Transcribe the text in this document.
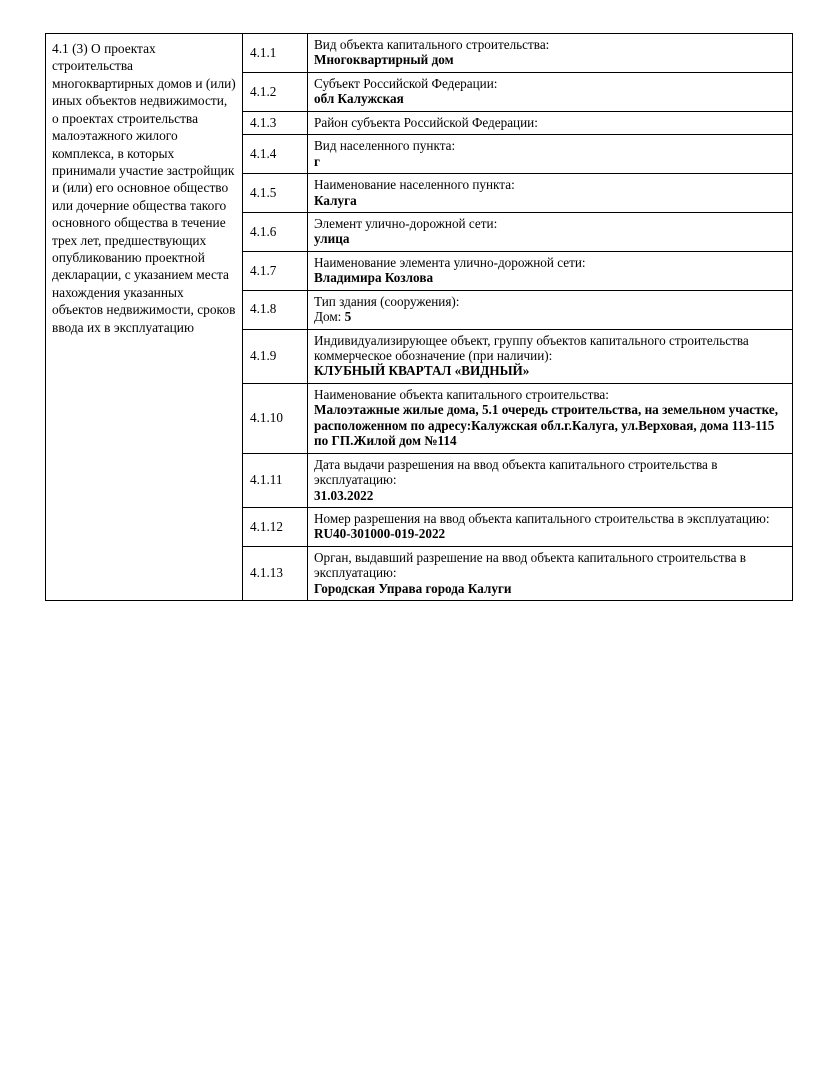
4.1 (3) О проектах строительства многоквартирных домов и (или) иных объектов недвижимости, о проектах строительства малоэтажного жилого комплекса, в которых принимали участие застройщик и (или) его основное общество или дочерние общества такого основного общества в течение трех лет, предшествующих опубликованию проектной декларации, с указанием места нахождения указанных объектов недвижимости, сроков ввода их в эксплуатацию	4.1.1	Вид объекта капитального строительства:
Многоквартирный дом

	4.1.2	Субъект Российской Федерации:
обл Калужская

	4.1.3	Район субъекта Российской Федерации:

	4.1.4	Вид населенного пункта:
г

	4.1.5	Наименование населенного пункта:
Калуга

	4.1.6	Элемент улично-дорожной сети:
улица

	4.1.7	Наименование элемента улично-дорожной сети:
Владимира Козлова

	4.1.8	Тип здания (сооружения):
Дом: 5

	4.1.9	Индивидуализирующее объект, группу объектов капитального строительства коммерческое обозначение (при наличии):
КЛУБНЫЙ КВАРТАЛ «ВИДНЫЙ»

	4.1.10	Наименование объекта капитального строительства:
Малоэтажные жилые дома, 5.1 очередь строительства, на земельном участке, расположенном по адресу:Калужская обл.г.Калуга, ул.Верховая, дома 113-115 по ГП.Жилой дом №114

	4.1.11	Дата выдачи разрешения на ввод объекта капитального строительства в эксплуатацию:
31.03.2022

	4.1.12	Номер разрешения на ввод объекта капитального строительства в эксплуатацию:
RU40-301000-019-2022

	4.1.13	Орган, выдавший разрешение на ввод объекта капитального строительства в эксплуатацию:
Городская Управа города Калуги
